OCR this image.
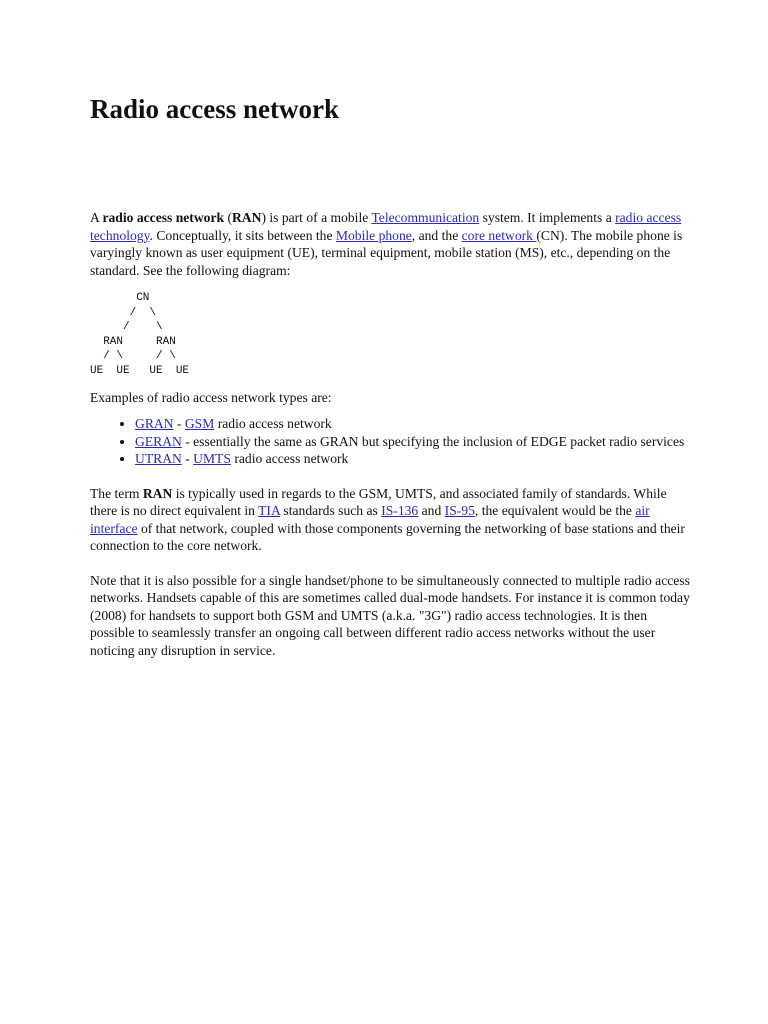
Radio access network

A radio access network (RAN) is part of a mobile Telecommunication system. It implements a radio access technology. Conceptually, it sits between the Mobile phone, and the core network (CN). The mobile phone is varyingly known as user equipment (UE), terminal equipment, mobile station (MS), etc., depending on the standard. See the following diagram:

CN
/  \
/    \
RAN     RAN
/ \     / \
UE  UE   UE  UE

Examples of radio access network types are:

• GRAN - GSM radio access network
• GERAN - essentially the same as GRAN but specifying the inclusion of EDGE packet radio services
• UTRAN - UMTS radio access network

The term RAN is typically used in regards to the GSM, UMTS, and associated family of standards. While there is no direct equivalent in TIA standards such as IS-136 and IS-95, the equivalent would be the air interface of that network, coupled with those components governing the networking of base stations and their connection to the core network.

Note that it is also possible for a single handset/phone to be simultaneously connected to multiple radio access networks. Handsets capable of this are sometimes called dual-mode handsets. For instance it is common today (2008) for handsets to support both GSM and UMTS (a.k.a. "3G") radio access technologies. It is then possible to seamlessly transfer an ongoing call between different radio access networks without the user noticing any disruption in service.
